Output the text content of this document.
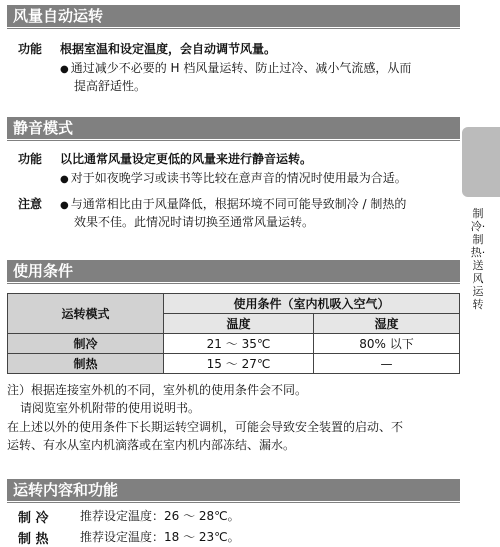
风量自动运转
功能 根据室温和设定温度，会自动调节风量。
● 通过减少不必要的 H 档风量运转、防止过冷、减小气流感，从而
提高舒适性。
静音模式
功能 以比通常风量设定更低的风量来进行静音运转。
● 对于如夜晚学习或读书等比较在意声音的情况时使用最为合适。
注意	● 与通常相比由于风量降低，根据环境不同可能导致制冷 / 制热的
效果不佳。此情况时请切换至通常风量运转。
制冷·制热·送风运转
使用条件
运转模式	使用条件（室内机吸入空气）	
	温度	湿度
制冷	21 ～ 35℃	80% 以下
制热	15 ～ 27℃	—
注）根据连接室外机的不同，室外机的使用条件会不同。
请阅览室外机附带的使用说明书。
在上述以外的使用条件下长期运转空调机，可能会导致安全装置的启动、不
运转、有水从室内机滴落或在室内机内部冻结、漏水。
运转内容和功能
制 冷	推荐设定温度：26 ～ 28℃。
制 热	推荐设定温度：18 ～ 23℃。
